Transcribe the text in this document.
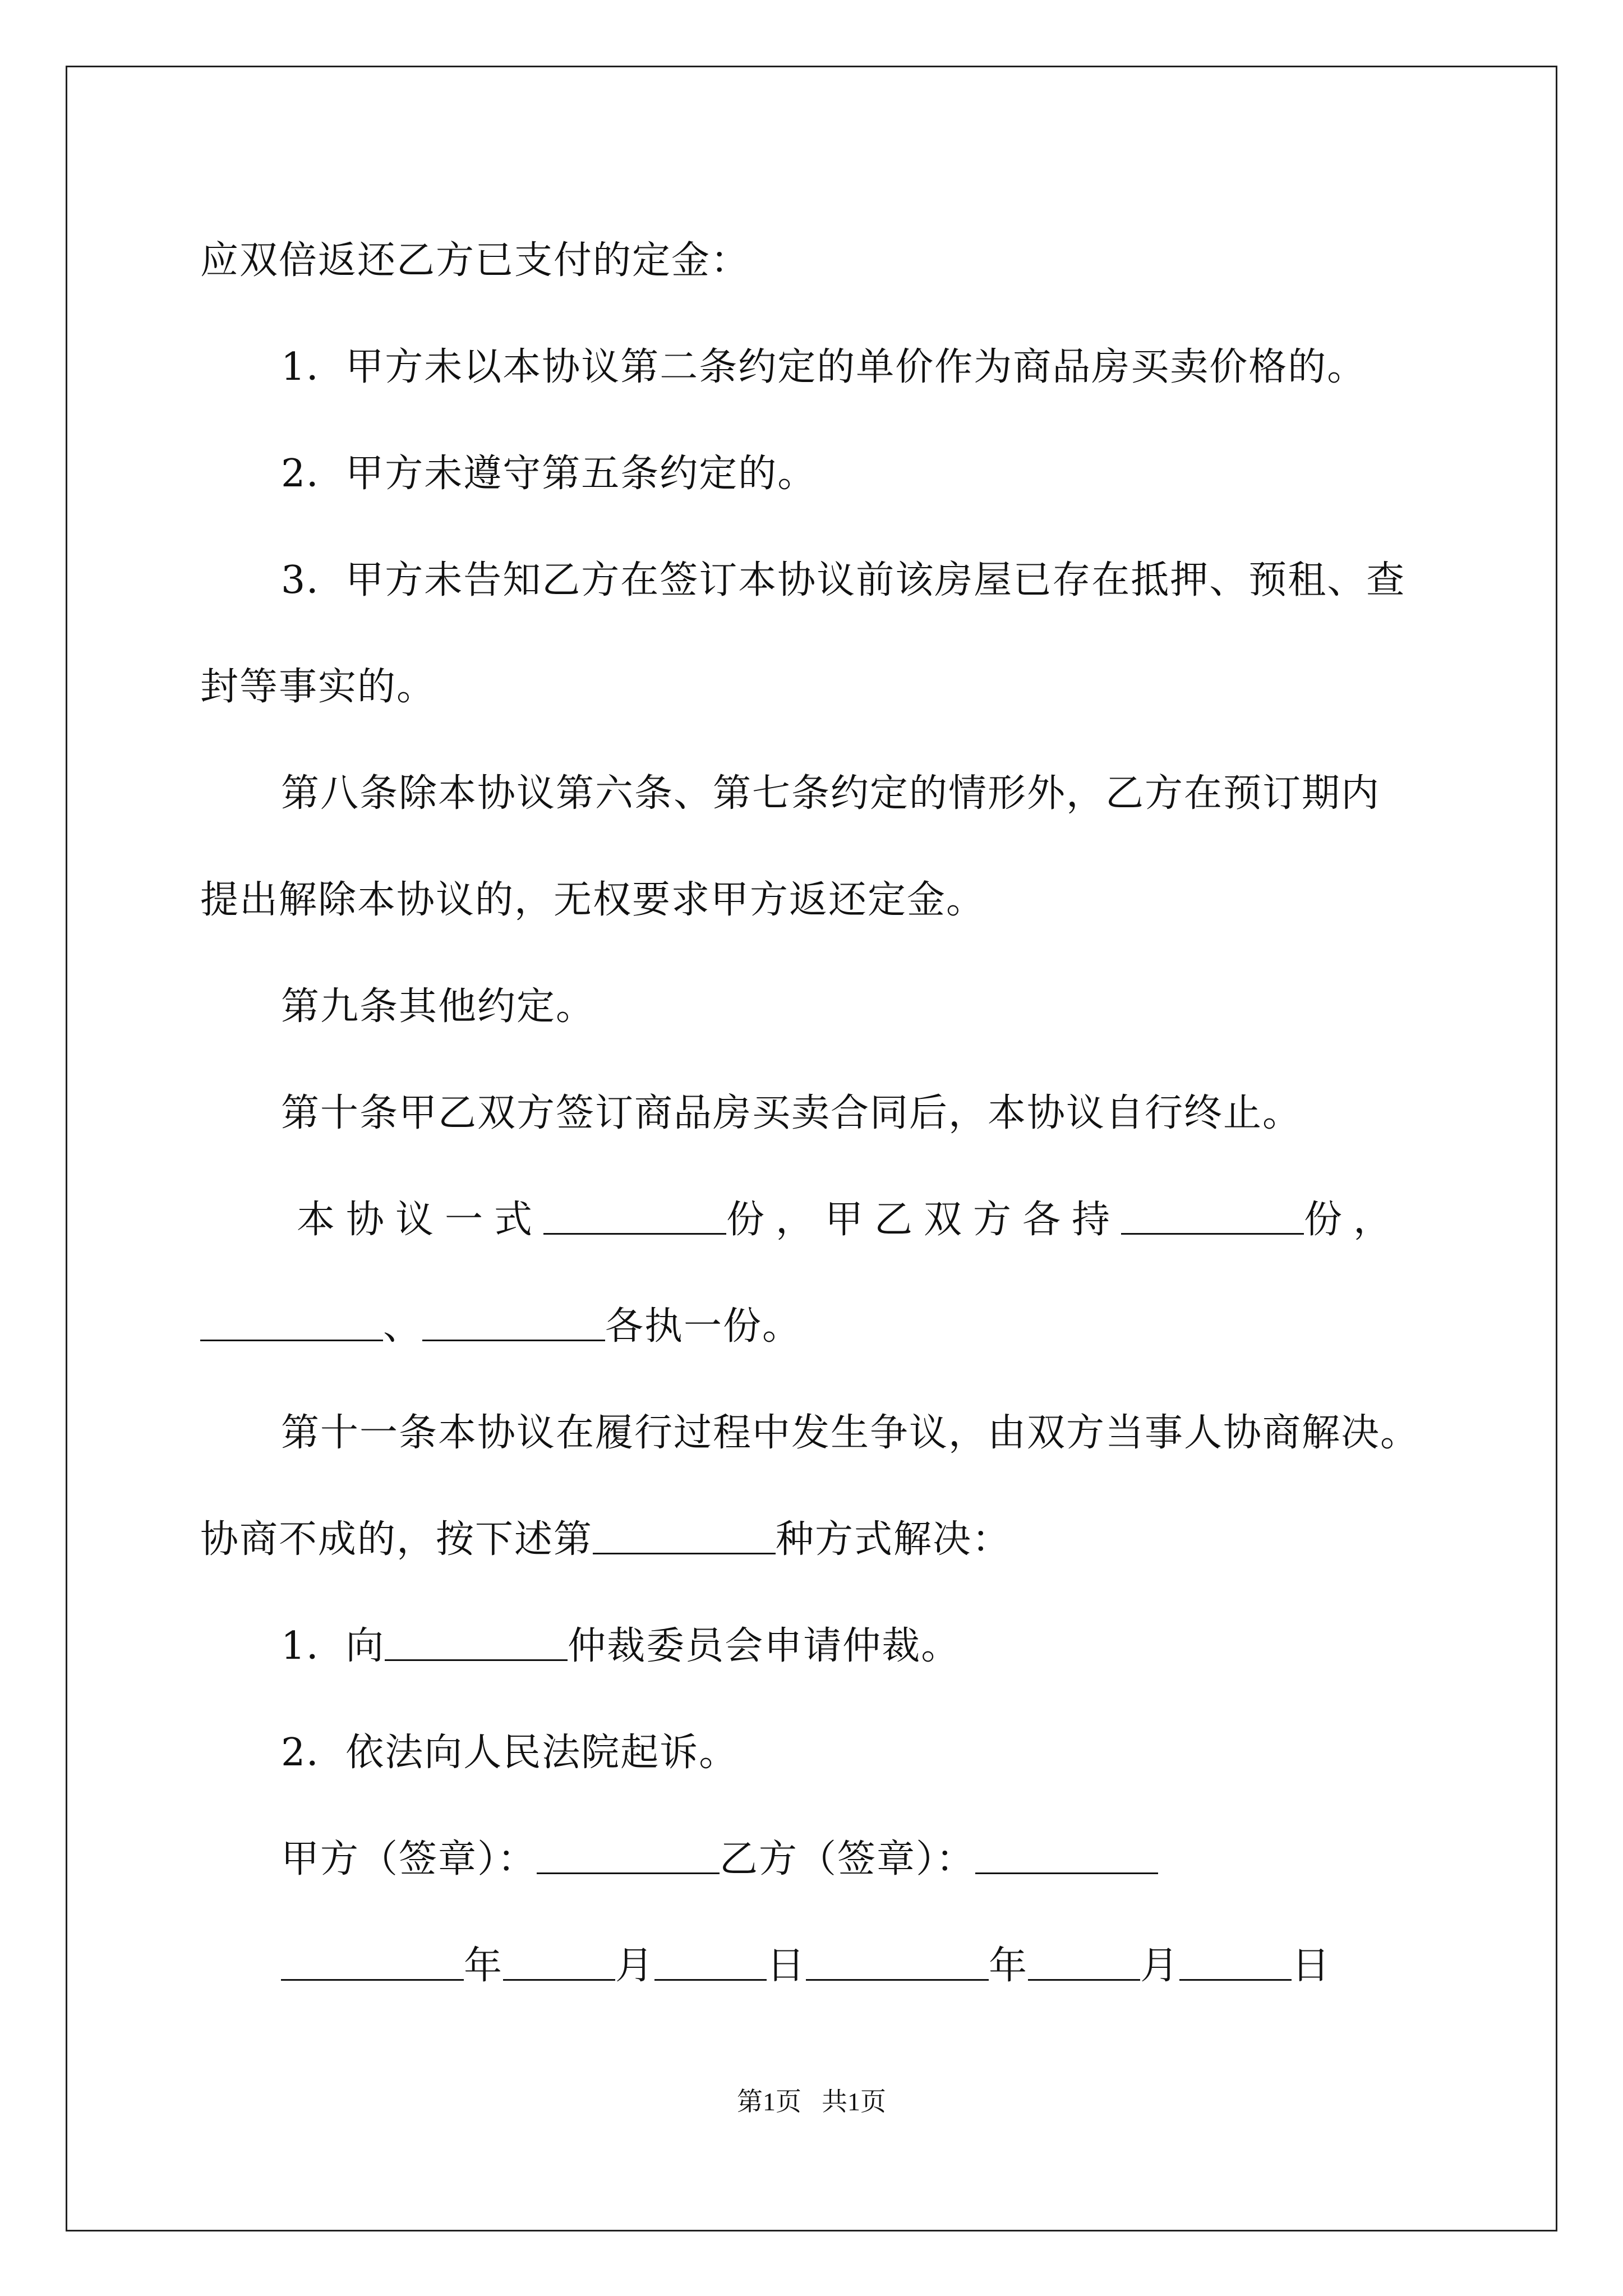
应双倍返还乙方已支付的定金：
1．甲方未以本协议第二条约定的单价作为商品房买卖价格的。
2．甲方未遵守第五条约定的。
3．甲方未告知乙方在签订本协议前该房屋已存在抵押、预租、查
封等事实的。
第八条除本协议第六条、第七条约定的情形外，乙方在预订期内
提出解除本协议的，无权要求甲方返还定金。
第九条其他约定。
第十条甲乙双方签订商品房买卖合同后，本协议自行终止。
本协议一式	份，甲乙双方各持	份，
、	各执一份。
第十一条本协议在履行过程中发生争议，由双方当事人协商解决。
协商不成的，按下述第	种方式解决：
1．向	仲裁委员会申请仲裁。
2．依法向人民法院起诉。
甲方（签章）：	乙方（签章）：
年	月	日	年	月	日
第1页 共1页
